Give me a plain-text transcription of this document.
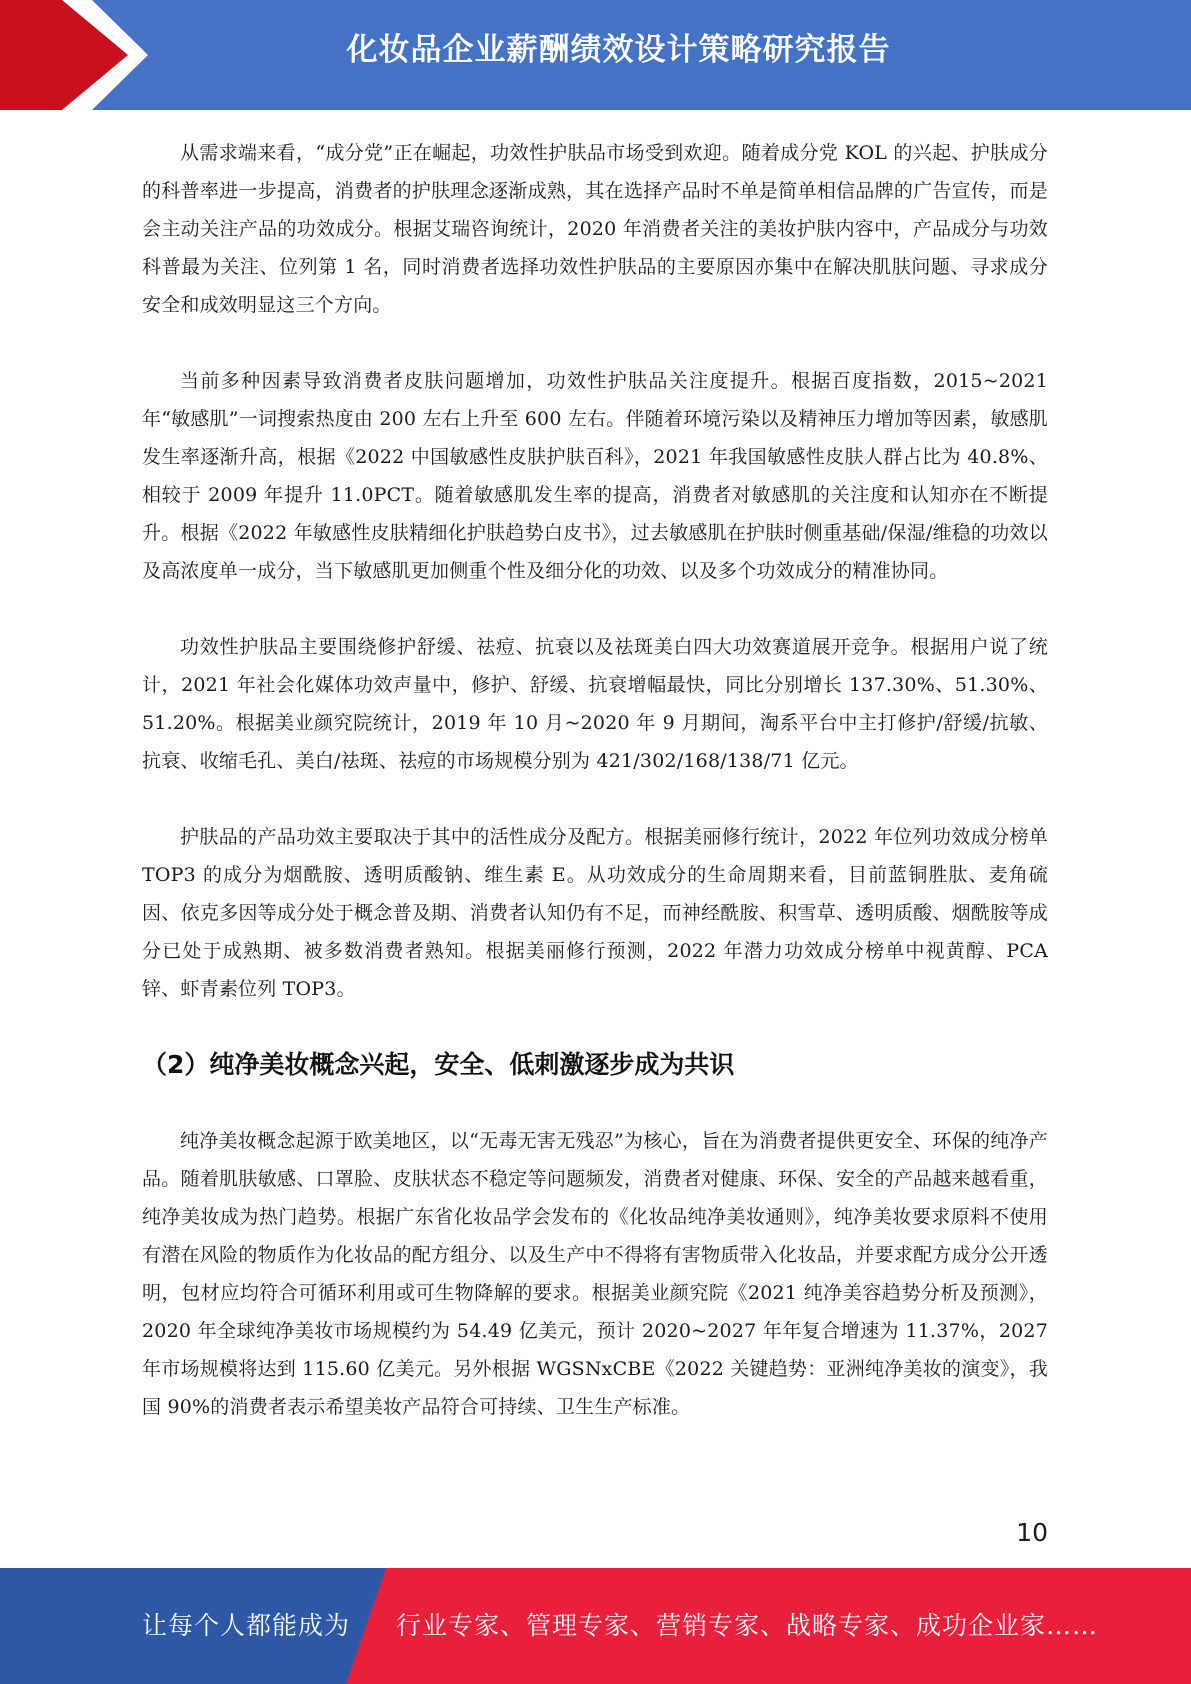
化妆品企业薪酬绩效设计策略研究报告

从需求端来看，“成分党”正在崛起，功效性护肤品市场受到欢迎。随着成分党 KOL 的兴起、护肤成分的科普率进一步提高，消费者的护肤理念逐渐成熟，其在选择产品时不单是简单相信品牌的广告宣传，而是会主动关注产品的功效成分。根据艾瑞咨询统计，2020 年消费者关注的美妆护肤内容中，产品成分与功效科普最为关注、位列第 1 名，同时消费者选择功效性护肤品的主要原因亦集中在解决肌肤问题、寻求成分安全和成效明显这三个方向。

当前多种因素导致消费者皮肤问题增加，功效性护肤品关注度提升。根据百度指数，2015~2021 年“敏感肌”一词搜索热度由 200 左右上升至 600 左右。伴随着环境污染以及精神压力增加等因素，敏感肌发生率逐渐升高，根据《2022 中国敏感性皮肤护肤百科》，2021 年我国敏感性皮肤人群占比为 40.8%、相较于 2009 年提升 11.0PCT。随着敏感肌发生率的提高，消费者对敏感肌的关注度和认知亦在不断提升。根据《2022 年敏感性皮肤精细化护肤趋势白皮书》，过去敏感肌在护肤时侧重基础/保湿/维稳的功效以及高浓度单一成分，当下敏感肌更加侧重个性及细分化的功效、以及多个功效成分的精准协同。

功效性护肤品主要围绕修护舒缓、祛痘、抗衰以及祛斑美白四大功效赛道展开竞争。根据用户说了统计，2021 年社会化媒体功效声量中，修护、舒缓、抗衰增幅最快，同比分别增长 137.30%、51.30%、51.20%。根据美业颜究院统计，2019 年 10 月~2020 年 9 月期间，淘系平台中主打修护/舒缓/抗敏、抗衰、收缩毛孔、美白/祛斑、祛痘的市场规模分别为 421/302/168/138/71 亿元。

护肤品的产品功效主要取决于其中的活性成分及配方。根据美丽修行统计，2022 年位列功效成分榜单 TOP3 的成分为烟酰胺、透明质酸钠、维生素 E。从功效成分的生命周期来看，目前蓝铜胜肽、麦角硫因、依克多因等成分处于概念普及期、消费者认知仍有不足，而神经酰胺、积雪草、透明质酸、烟酰胺等成分已处于成熟期、被多数消费者熟知。根据美丽修行预测，2022 年潜力功效成分榜单中视黄醇、PCA 锌、虾青素位列 TOP3。

（2）纯净美妆概念兴起，安全、低刺激逐步成为共识

纯净美妆概念起源于欧美地区，以“无毒无害无残忍”为核心，旨在为消费者提供更安全、环保的纯净产品。随着肌肤敏感、口罩脸、皮肤状态不稳定等问题频发，消费者对健康、环保、安全的产品越来越看重，纯净美妆成为热门趋势。根据广东省化妆品学会发布的《化妆品纯净美妆通则》，纯净美妆要求原料不使用有潜在风险的物质作为化妆品的配方组分、以及生产中不得将有害物质带入化妆品，并要求配方成分公开透明，包材应均符合可循环利用或可生物降解的要求。根据美业颜究院《2021 纯净美容趋势分析及预测》，2020 年全球纯净美妆市场规模约为 54.49 亿美元，预计 2020~2027 年年复合增速为 11.37%，2027 年市场规模将达到 115.60 亿美元。另外根据 WGSNxCBE《2022 关键趋势：亚洲纯净美妆的演变》，我国 90%的消费者表示希望美妆产品符合可持续、卫生生产标准。

10
让每个人都能成为 行业专家、管理专家、营销专家、战略专家、成功企业家……
